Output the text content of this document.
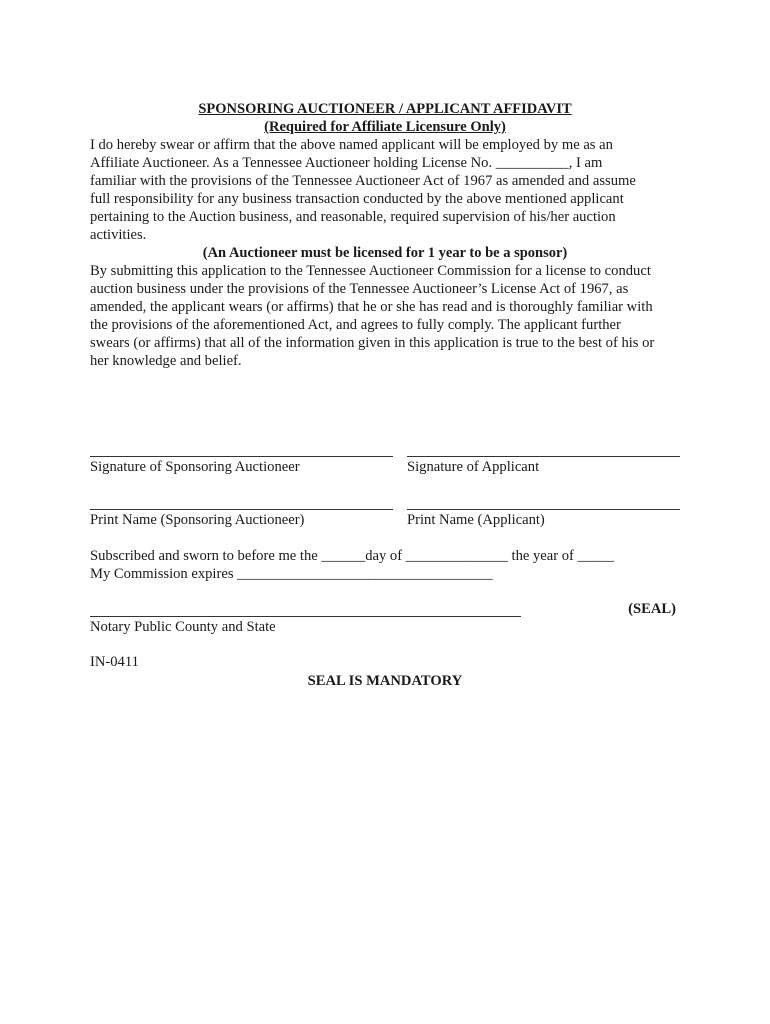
SPONSORING AUCTIONEER / APPLICANT AFFIDAVIT
(Required for Affiliate Licensure Only)

I do hereby swear or affirm that the above named applicant will be employed by me as an
Affiliate Auctioneer. As a Tennessee Auctioneer holding License No. __________, I am
familiar with the provisions of the Tennessee Auctioneer Act of 1967 as amended and assume
full responsibility for any business transaction conducted by the above mentioned applicant
pertaining to the Auction business, and reasonable, required supervision of his/her auction
activities.

(An Auctioneer must be licensed for 1 year to be a sponsor)

By submitting this application to the Tennessee Auctioneer Commission for a license to conduct
auction business under the provisions of the Tennessee Auctioneer’s License Act of 1967, as
amended, the applicant wears (or affirms) that he or she has read and is thoroughly familiar with
the provisions of the aforementioned Act, and agrees to fully comply. The applicant further
swears (or affirms) that all of the information given in this application is true to the best of his or
her knowledge and belief.

Signature of Sponsoring Auctioneer	Signature of Applicant
Print Name (Sponsoring Auctioneer)	Print Name (Applicant)
Subscribed and sworn to before me the ______day of ______________ the year of _____
My Commission expires ___________________________________
(SEAL)
Notary Public County and State
IN-0411
SEAL IS MANDATORY
